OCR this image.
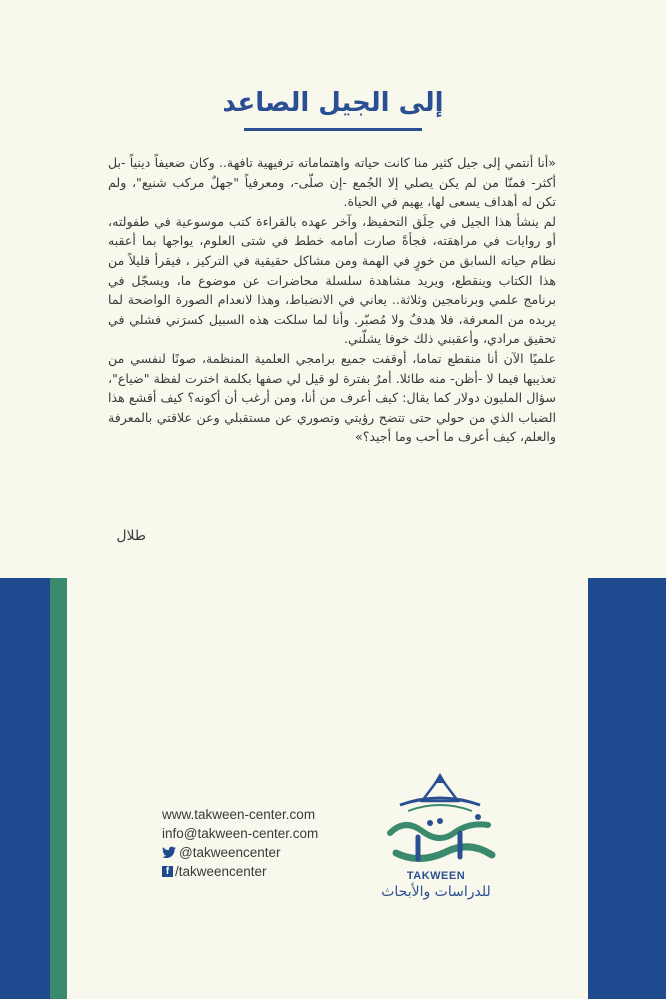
إلى الجيل الصاعد

«أنا أنتمي إلى جيل كثير منا كانت حياته واهتماماته ترفيهية تافهة.. وكان ضعيفاً دينياً -بل أكثر- فمنّا من لم يكن يصلي إلا الجُمع -إن صلّى-، ومعرفياً "جهلٌ مركب شنيع"، ولم تكن له أهداف يسعى لها، يهيم في الحياة.

لم ينشأ هذا الجيل في حِلَق التحفيظ، وآخر عهده بالقراءة كتب موسوعية في طفولته، أو روايات في مراهقته، فجأةً صارت أمامه خطط في شتى العلوم، يواجها بما أعقبه نظام حياته السابق من خورٍ في الهمة ومن مشاكل حقيقية في التركيز ، فيقرأ قليلاً من هذا الكتاب وينقطع، ويريد مشاهدة سلسلة محاضرات عن موضوع ما، ويسجّل في برنامج علمي وبرنامجين وثلاثة.. يعاني في الانضباط، وهذا لانعدام الصورة الواضحة لما يريده من المعرفة، فلا هدفٌ ولا مُصبّر. وأنا لما سلكت هذه السبيل كسرَني فشلي في تحقيق مرادي، وأعقبني ذلك خوفا يشلّني.

علميًا الآن أنا منقطع تماما، أوقفت جميع برامجي العلمية المنظمة، صونًا لنفسي من تعذيبها فيما لا -أظن- منه طائلا. أمرٌ بفترة لو قيل لي صفها بكلمة اخترت لفظة "ضياع"، سؤال المليون دولار كما يقال: كيف أعرف من أنا، ومن أرغب أن أكونه؟ كيف أقشع هذا الضباب الذي من حولي حتى تتضح رؤيتي وتصوري عن مستقبلي وعن علاقتي بالمعرفة والعلم، كيف أعرف ما أحب وما أجيد؟»

طلال
www.takween-center.com
info@takween-center.com
@takweencenter
f /takweencenter	TAKWEEN
للدراسات والأبحاث
